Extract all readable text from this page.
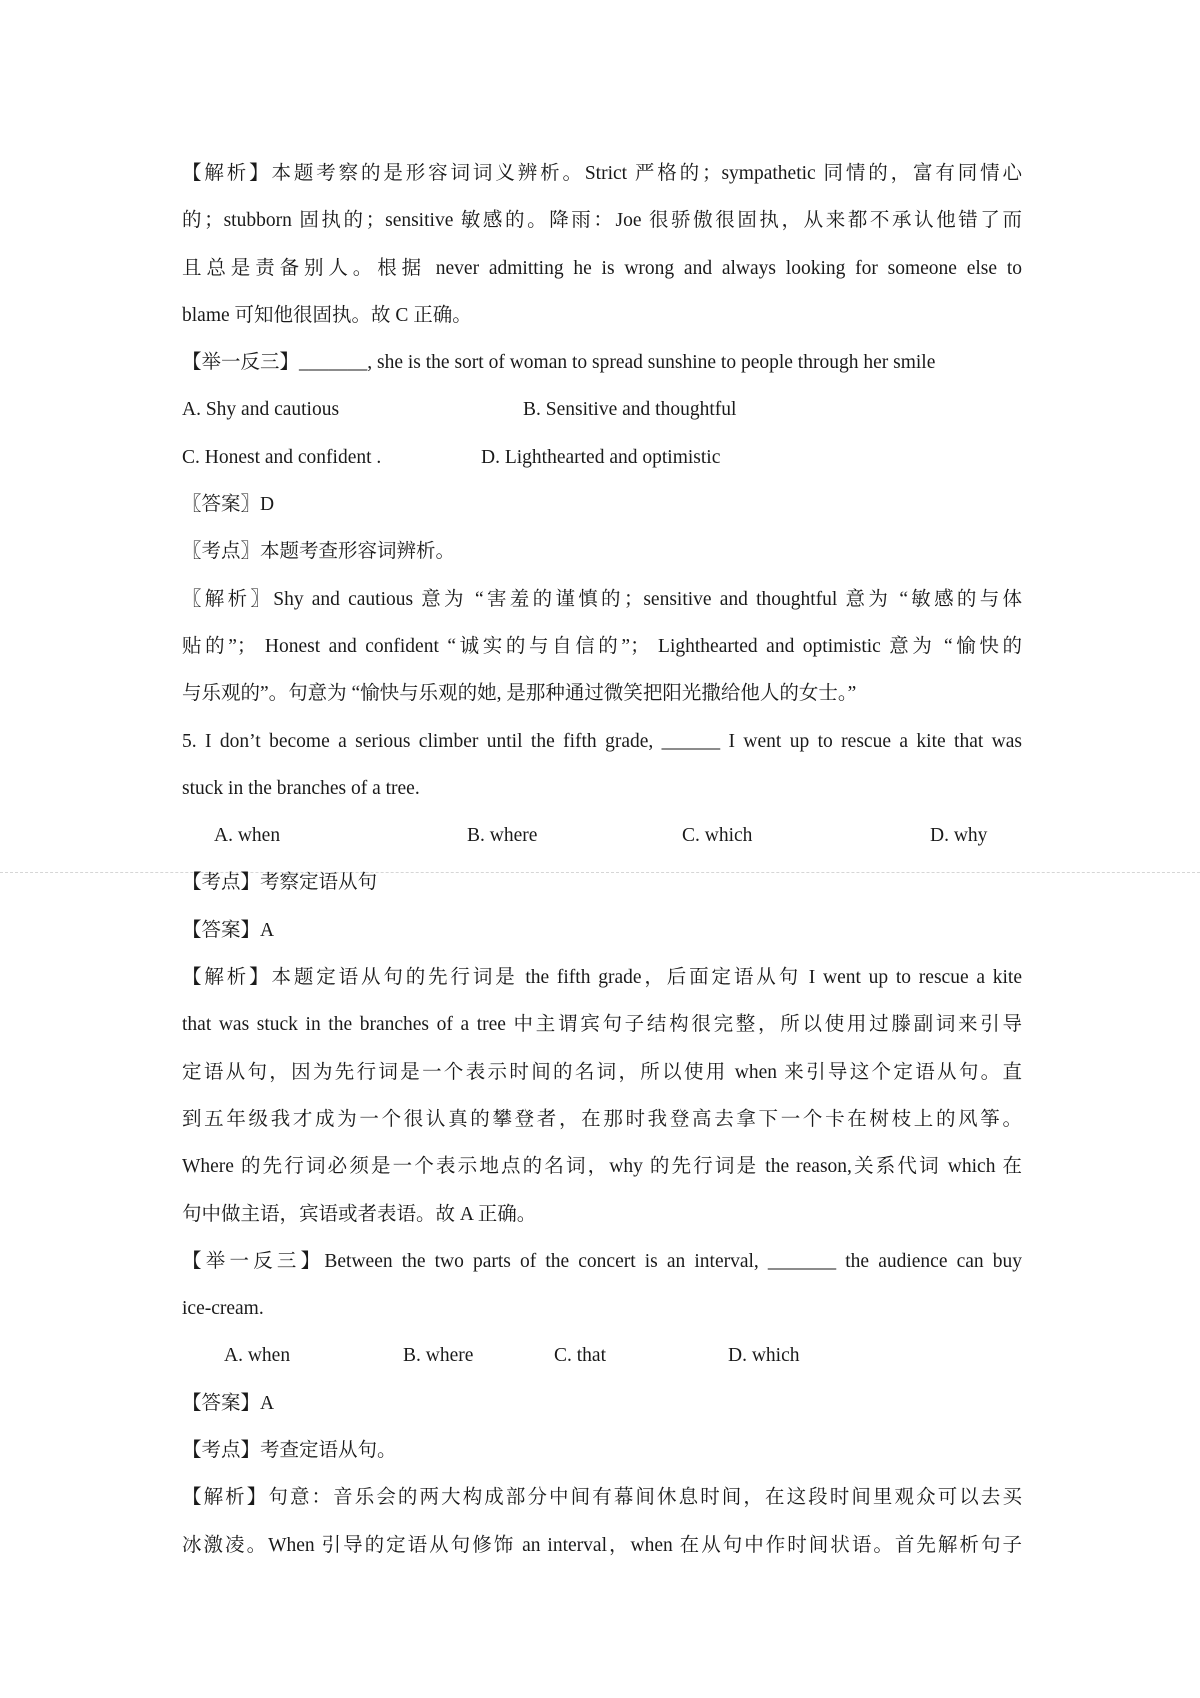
【解析】本题考察的是形容词词义辨析。Strict 严格的；sympathetic 同情的，富有同情心
的；stubborn 固执的；sensitive 敏感的。降雨：Joe 很骄傲很固执，从来都不承认他错了而
且总是责备别人。根据 never admitting he is wrong and always looking for someone else to
blame 可知他很固执。故 C 正确。
【举一反三】_______, she is the sort of woman to spread sunshine to people through her smile
A. Shy and cautious	B. Sensitive and thoughtful
C. Honest and confident .	D. Lighthearted and optimistic
〖答案〗D
〖考点〗本题考查形容词辨析。
〖解析〗Shy and cautious 意为 “害羞的谨慎的；sensitive and thoughtful 意为 “敏感的与体
贴的”； Honest and confident “诚实的与自信的”； Lighthearted and optimistic 意为 “愉快的
与乐观的”。句意为 “愉快与乐观的她, 是那种通过微笑把阳光撒给他人的女士。”
5. I don’t become a serious climber until the fifth grade, ______ I went up to rescue a kite that was
stuck in the branches of a tree.
A. when	B. where	C. which	D. why
【考点】考察定语从句
【答案】A
【解析】本题定语从句的先行词是 the fifth grade，后面定语从句 I went up to rescue a kite
that was stuck in the branches of a tree 中主谓宾句子结构很完整，所以使用过滕副词来引导
定语从句，因为先行词是一个表示时间的名词，所以使用 when 来引导这个定语从句。直
到五年级我才成为一个很认真的攀登者，在那时我登高去拿下一个卡在树枝上的风筝。
Where 的先行词必须是一个表示地点的名词，why 的先行词是 the reason,关系代词 which 在
句中做主语，宾语或者表语。故 A 正确。
【举一反三】Between the two parts of the concert is an interval, _______ the audience can buy
ice-cream.
A. when	B. where	C. that	D. which
【答案】A
【考点】考查定语从句。
【解析】句意：音乐会的两大构成部分中间有幕间休息时间，在这段时间里观众可以去买
冰激凌。When 引导的定语从句修饰 an interval，when 在从句中作时间状语。首先解析句子
